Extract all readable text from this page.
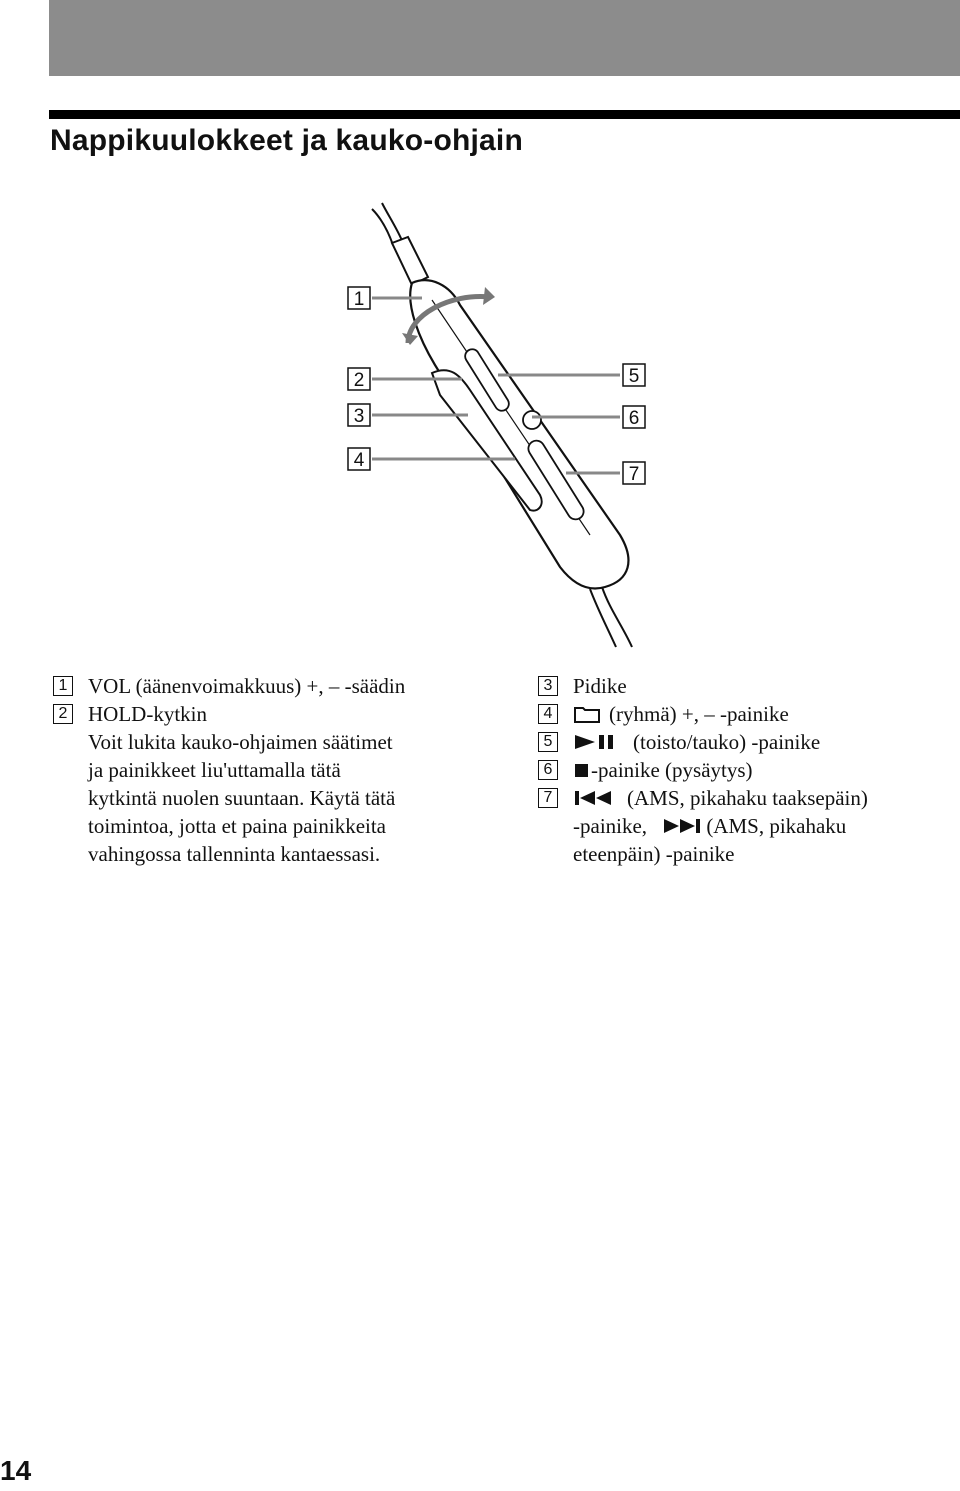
Nappikuulokkeet ja kauko-ohjain
1
2
3
4
5
6
7
1 VOL (äänenvoimakkuus) +, – -säädin
2 HOLD-kytkin
Voit lukita kauko-ohjaimen säätimet
ja painikkeet liu'uttamalla tätä
kytkintä nuolen suuntaan. Käytä tätä
toimintoa, jotta et paina painikkeita
vahingossa tallenninta kantaessasi.
3 Pidike
4	(ryhmä) +, – -painike
5	(toisto/tauko) -painike
6	-painike (pysäytys)
7	(AMS, pikahaku taaksepäin)
-painike,	(AMS, pikahaku
eteenpäin) -painike
14
